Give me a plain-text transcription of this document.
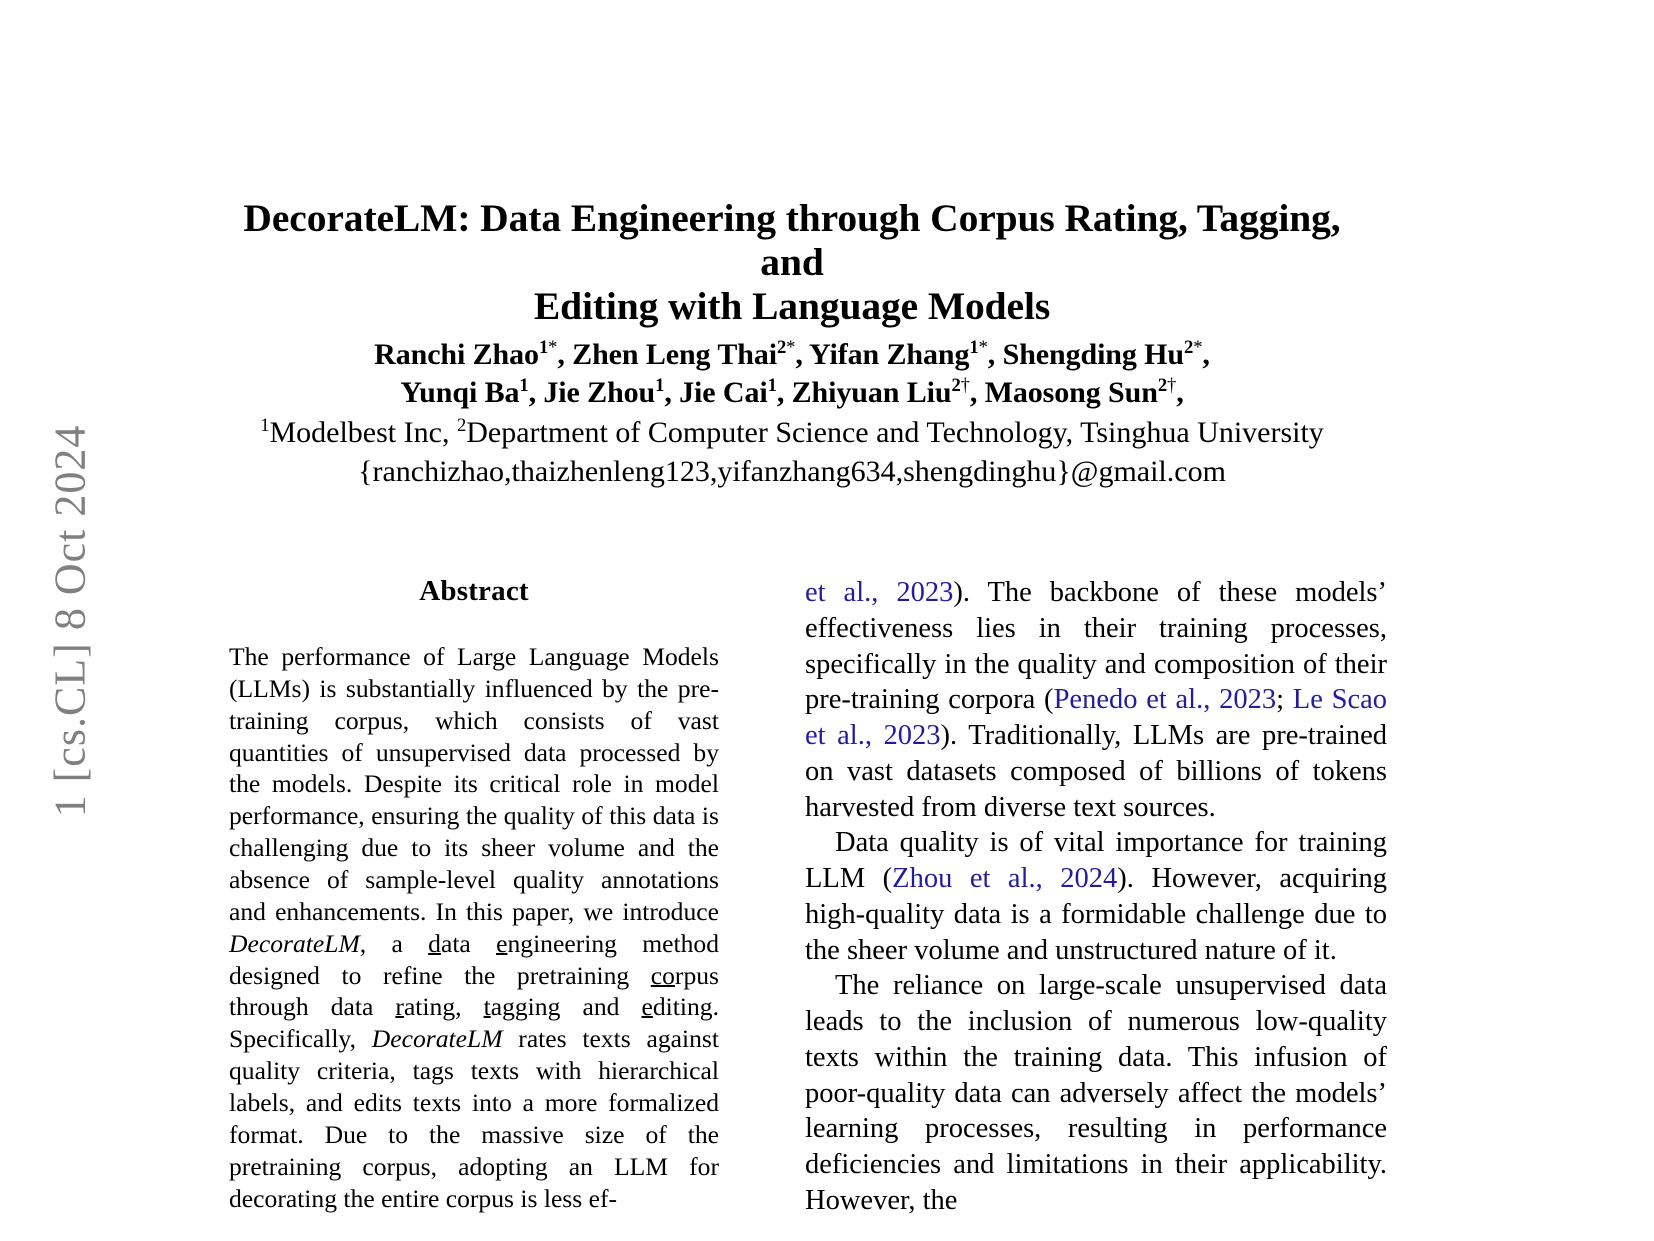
1 [cs.CL] 8 Oct 2024
DecorateLM: Data Engineering through Corpus Rating, Tagging, and
Editing with Language Models
Ranchi Zhao$^{1*}$, Zhen Leng Thai$^{2*}$, Yifan Zhang$^{1*}$, Shengding $Hu^{2*}$,
Yunqi Ba$^1$, Jie Zhou$^1$, Jie Cai$^1$, Zhiyuan Liu$^{2\dagger}$, Maosong Sun$^{2\dagger}$,
$^1$Modelbest Inc, $^2$Department of Computer Science and Technology, Tsinghua University
{ranchizhao,thaizhenleng123,yifanzhang634,shengdinghu}@gmail.com
Abstract

The performance of Large Language Models (LLMs) is substantially influenced by the pre-training corpus, which consists of vast quantities of unsupervised data processed by the models. Despite its critical role in model performance, ensuring the quality of this data is challenging due to its sheer volume and the absence of sample-level quality annotations and enhancements. In this paper, we introduce DecorateLM, a data engineering method designed to refine the pretraining corpus through data rating, tagging and editing. Specifically, DecorateLM rates texts against quality criteria, tags texts with hierarchical labels, and edits texts into a more formalized format. Due to the massive size of the pretraining corpus, adopting an LLM for decorating the entire corpus is less ef-

et al., 2023). The backbone of these models’ effectiveness lies in their training processes, specifically in the quality and composition of their pre-training corpora (Penedo et al., 2023; Le Scao et al., 2023). Traditionally, LLMs are pre-trained on vast datasets composed of billions of tokens harvested from diverse text sources.

Data quality is of vital importance for training LLM (Zhou et al., 2024). However, acquiring high-quality data is a formidable challenge due to the sheer volume and unstructured nature of it.

The reliance on large-scale unsupervised data leads to the inclusion of numerous low-quality texts within the training data. This infusion of poor-quality data can adversely affect the models’ learning processes, resulting in performance deficiencies and limitations in their applicability. However, the
